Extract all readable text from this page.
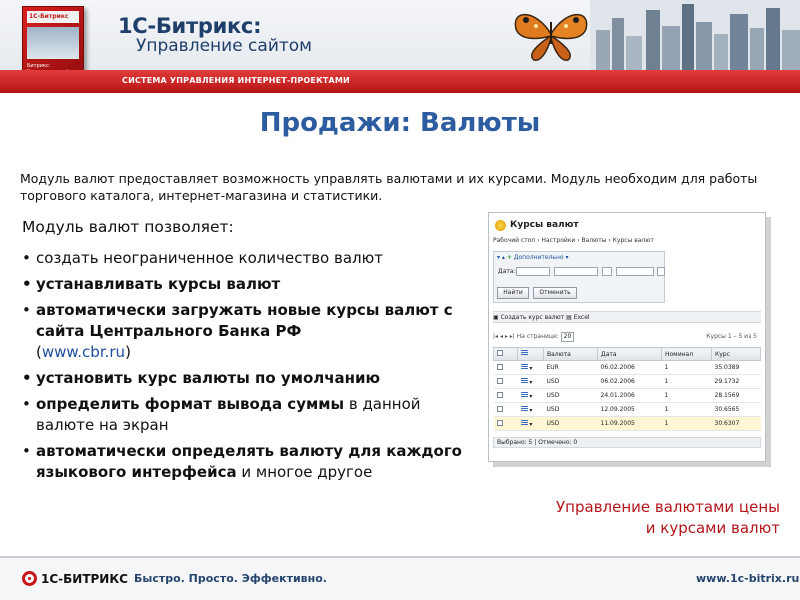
1С-Битрикс
Битрикс:
1С-Битрикс:
Управление сайтом
СИСТЕМА УПРАВЛЕНИЯ ИНТЕРНЕТ-ПРОЕКТАМИ
Продажи: Валюты

Модуль валют предоставляет возможность управлять валютами и их курсами. Модуль необходим для работы торгового каталога, интернет-магазина и статистики.

Модуль валют позволяет:

• создать неограниченное количество валют
• устанавливать курсы валют
• автоматически загружать новые курсы валют с сайта Центрального Банка РФ
(www.cbr.ru)
• установить курс валюты по умолчанию
• определить формат вывода суммы в данной валюте на экран
• автоматически определять валюту для каждого языкового интерфейса и многое другое
Курсы валют
Рабочий стол › Настройки › Валюты › Курсы валют
▾ ▴ + Дополнительно ▾
Дата:
Найти	Отменить
▣ Создать курс валют ▤ Excel
|◂ ◂ ▸ ▸| На странице: 20	Курсы 1 – 5 из 5
		Валюта	Дата	Номинал	Курс
	▾	EUR	06.02.2006	1	35.0389
	▾	USD	06.02.2006	1	29.1732
	▾	USD	24.01.2006	1	28.1569
	▾	USD	12.09.2005	1	30.6565
	▾	USD	11.09.2005	1	30.6307
Выбрано: 5 | Отмечено: 0
Управление валютами цены
и курсами валют
1С-БИТРИКС Быстро. Просто. Эффективно.	www.1c-bitrix.ru
